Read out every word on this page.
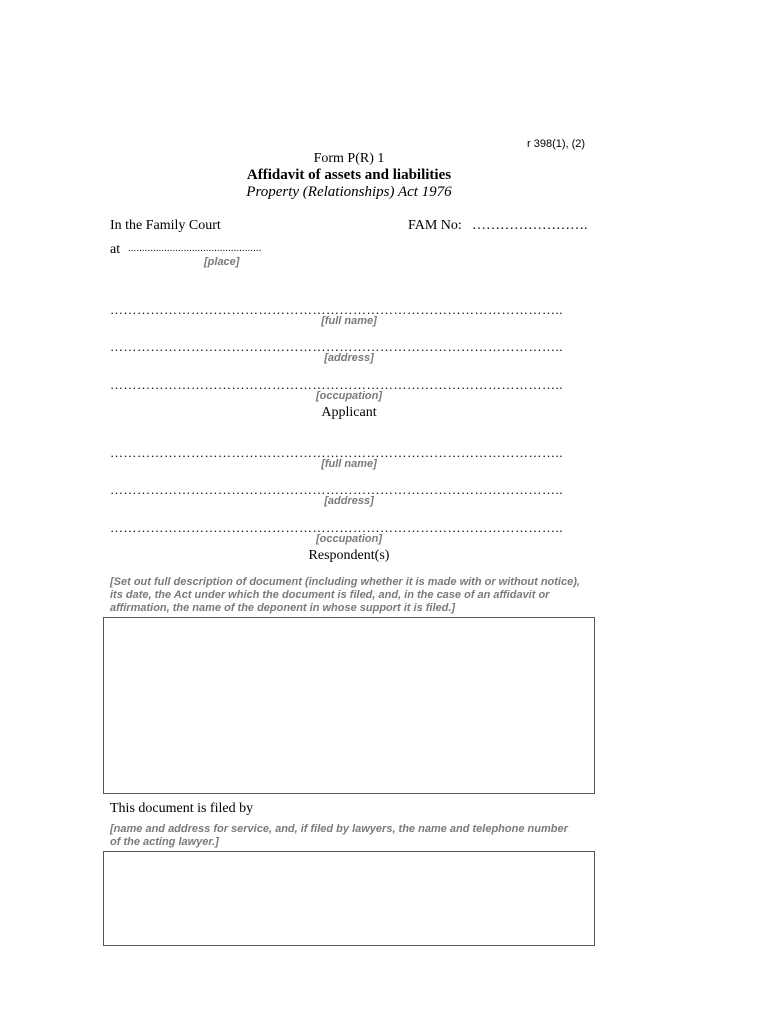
r 398(1), (2)
Form P(R) 1
Affidavit of assets and liabilities
Property (Relationships) Act 1976
In the Family Court	FAM No: …………………….
at ................................................
[place]
………………………………………………………………………………………..
[full name]
………………………………………………………………………………………..
[address]
………………………………………………………………………………………..
[occupation]
Applicant
………………………………………………………………………………………..
[full name]
………………………………………………………………………………………..
[address]
………………………………………………………………………………………..
[occupation]
Respondent(s)
[Set out full description of document (including whether it is made with or without notice), its date, the Act under which the document is filed, and, in the case of an affidavit or affirmation, the name of the deponent in whose support it is filed.]
This document is filed by
[name and address for service, and, if filed by lawyers, the name and telephone number of the acting lawyer.]
